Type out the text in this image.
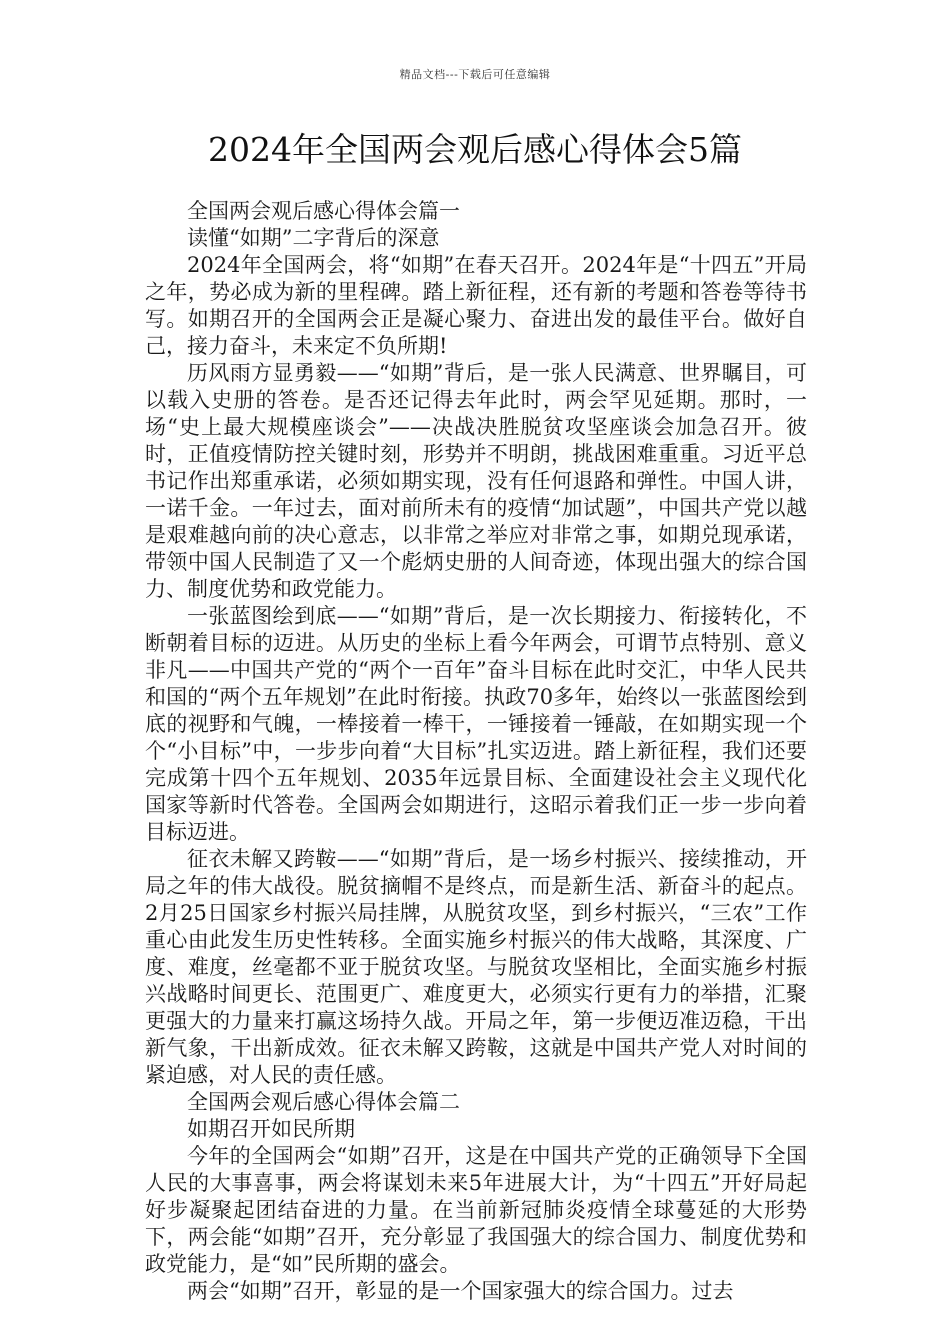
精品文档---下载后可任意编辑
2024年全国两会观后感心得体会5篇

全国两会观后感心得体会篇一

读懂“如期”二字背后的深意

2024年全国两会，将“如期”在春天召开。2024年是“十四五”开局之年，势必成为新的里程碑。踏上新征程，还有新的考题和答卷等待书写。如期召开的全国两会正是凝心聚力、奋进出发的最佳平台。做好自己，接力奋斗，未来定不负所期!

历风雨方显勇毅——“如期”背后，是一张人民满意、世界瞩目，可以载入史册的答卷。是否还记得去年此时，两会罕见延期。那时，一场“史上最大规模座谈会”——决战决胜脱贫攻坚座谈会加急召开。彼时，正值疫情防控关键时刻，形势并不明朗，挑战困难重重。习近平总书记作出郑重承诺，必须如期实现，没有任何退路和弹性。中国人讲，一诺千金。一年过去，面对前所未有的疫情“加试题”，中国共产党以越是艰难越向前的决心意志，以非常之举应对非常之事，如期兑现承诺，带领中国人民制造了又一个彪炳史册的人间奇迹，体现出强大的综合国力、制度优势和政党能力。

一张蓝图绘到底——“如期”背后，是一次长期接力、衔接转化，不断朝着目标的迈进。从历史的坐标上看今年两会，可谓节点特别、意义非凡——中国共产党的“两个一百年”奋斗目标在此时交汇，中华人民共和国的“两个五年规划”在此时衔接。执政70多年，始终以一张蓝图绘到底的视野和气魄，一棒接着一棒干，一锤接着一锤敲，在如期实现一个个“小目标”中，一步步向着“大目标”扎实迈进。踏上新征程，我们还要完成第十四个五年规划、2035年远景目标、全面建设社会主义现代化国家等新时代答卷。全国两会如期进行，这昭示着我们正一步一步向着目标迈进。

征衣未解又跨鞍——“如期”背后，是一场乡村振兴、接续推动，开局之年的伟大战役。脱贫摘帽不是终点，而是新生活、新奋斗的起点。2月25日国家乡村振兴局挂牌，从脱贫攻坚，到乡村振兴，“三农”工作重心由此发生历史性转移。全面实施乡村振兴的伟大战略，其深度、广度、难度，丝毫都不亚于脱贫攻坚。与脱贫攻坚相比，全面实施乡村振兴战略时间更长、范围更广、难度更大，必须实行更有力的举措，汇聚更强大的力量来打赢这场持久战。开局之年，第一步便迈准迈稳，干出新气象，干出新成效。征衣未解又跨鞍，这就是中国共产党人对时间的紧迫感，对人民的责任感。

全国两会观后感心得体会篇二

如期召开如民所期

今年的全国两会“如期”召开，这是在中国共产党的正确领导下全国人民的大事喜事，两会将谋划未来5年进展大计，为“十四五”开好局起好步凝聚起团结奋进的力量。在当前新冠肺炎疫情全球蔓延的大形势下，两会能“如期”召开，充分彰显了我国强大的综合国力、制度优势和政党能力，是“如”民所期的盛会。

两会“如期”召开，彰显的是一个国家强大的综合国力。过去
